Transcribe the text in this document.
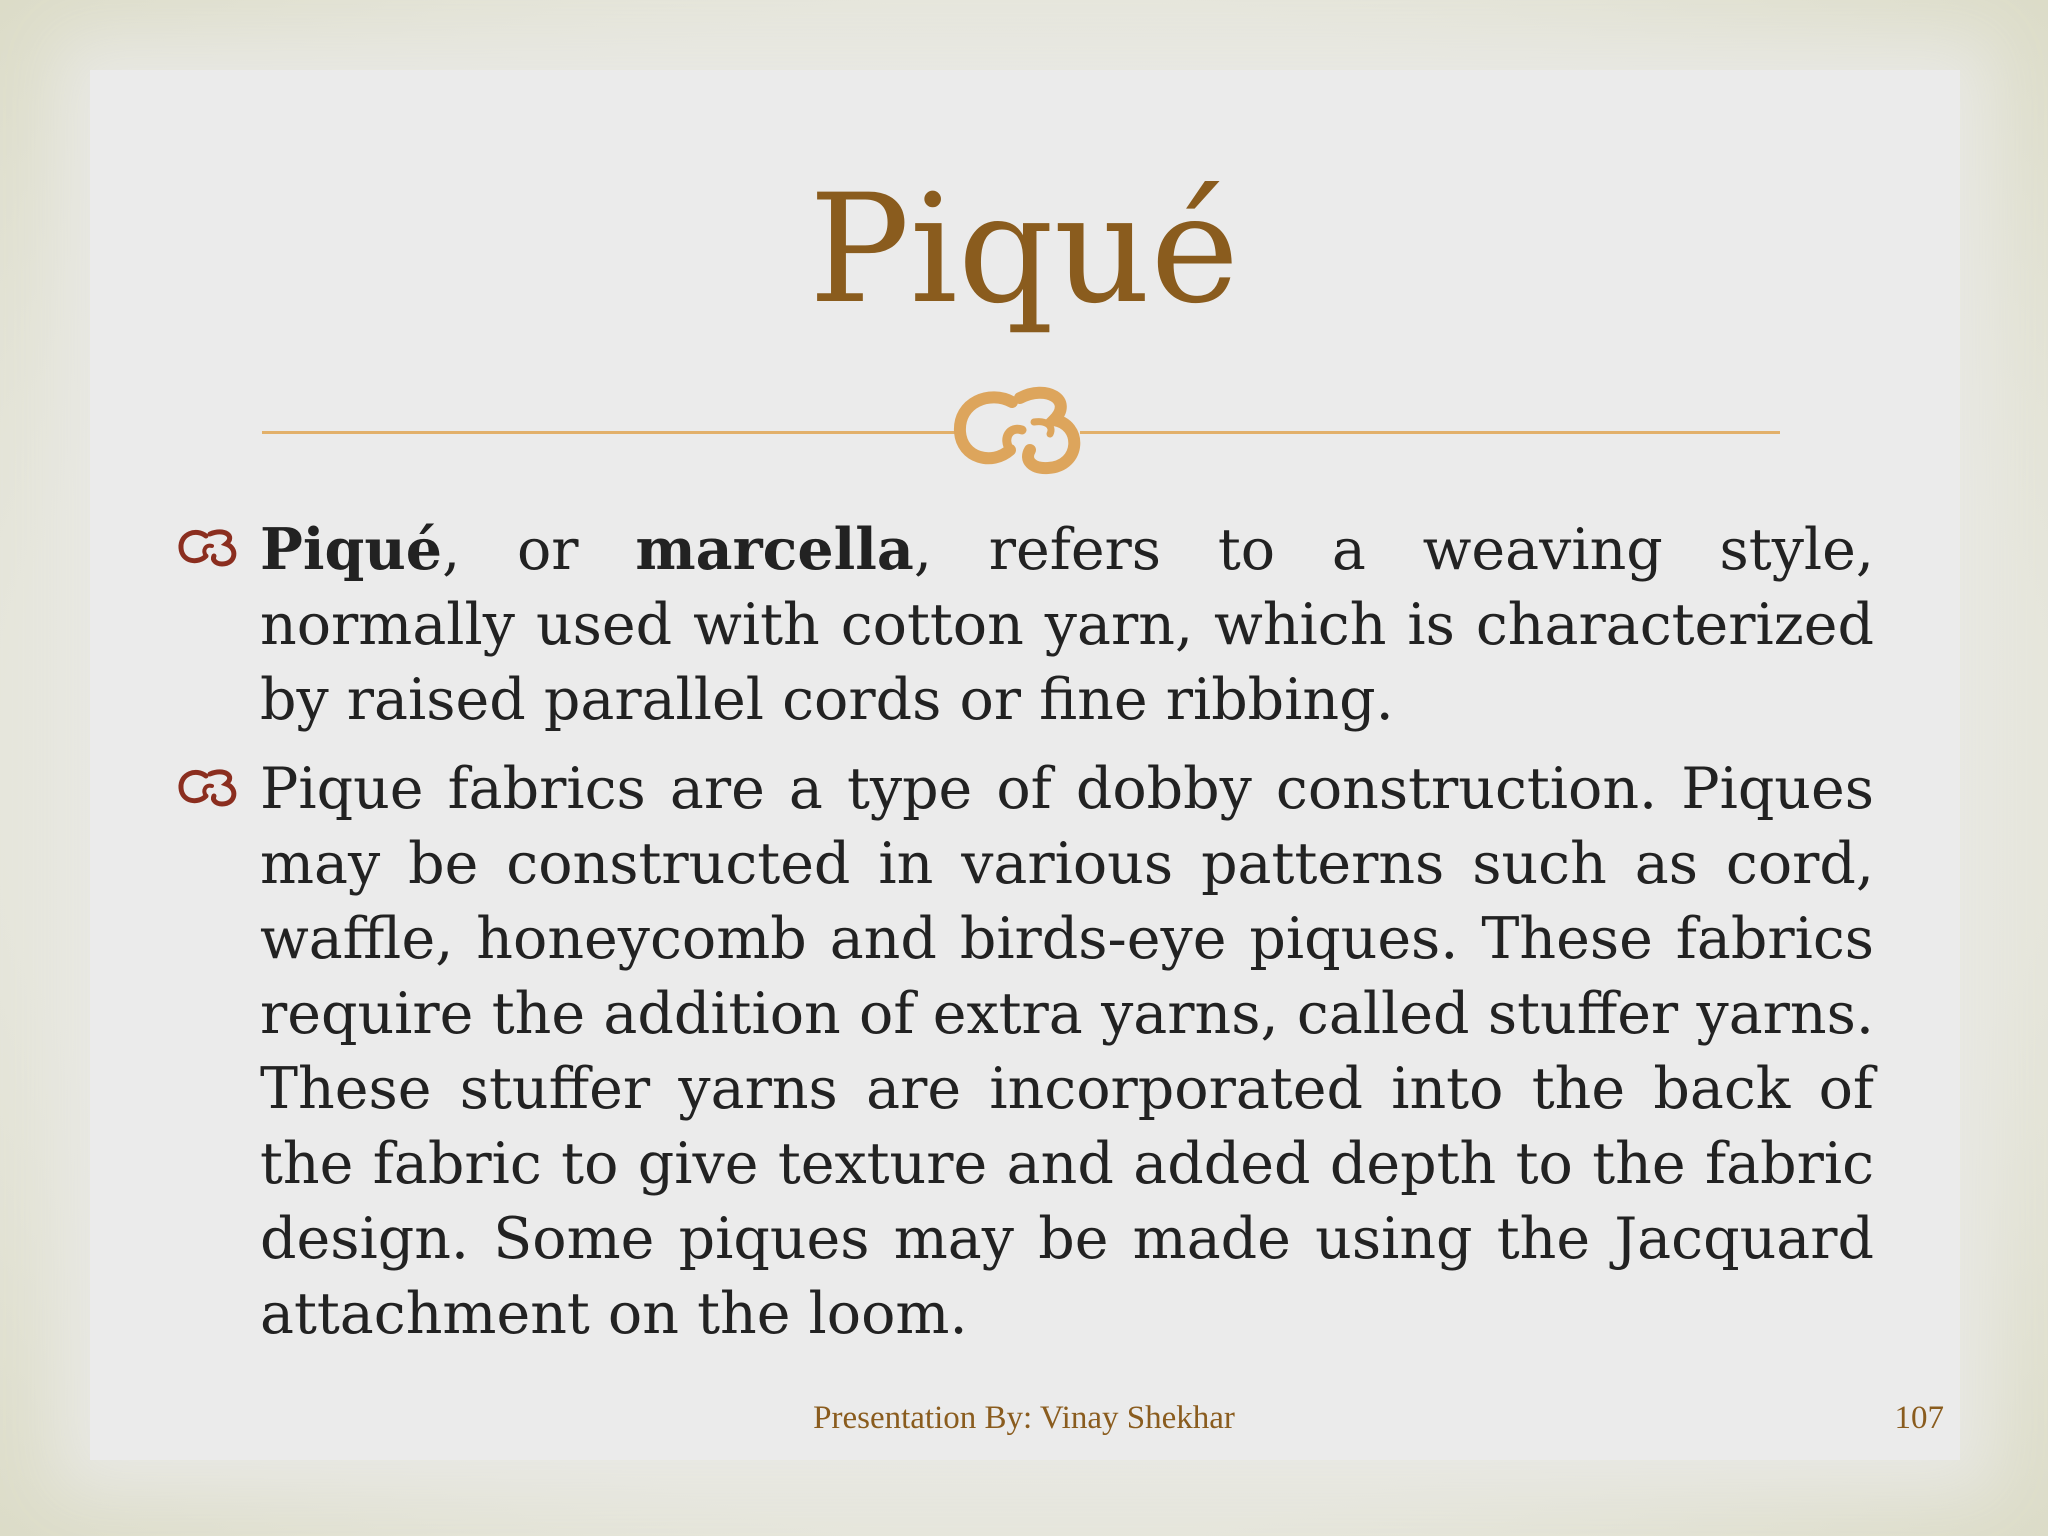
Piqué
Piqué, or marcella, refers to a weaving style, normally used with cotton yarn, which is characterized by raised parallel cords or fine ribbing.
Pique fabrics are a type of dobby construction. Piques may be constructed in various patterns such as cord, waffle, honeycomb and birds-eye piques. These fabrics require the addition of extra yarns, called stuffer yarns. These stuffer yarns are incorporated into the back of the fabric to give texture and added depth to the fabric design. Some piques may be made using the Jacquard attachment on the loom.
Presentation By: Vinay Shekhar	107
